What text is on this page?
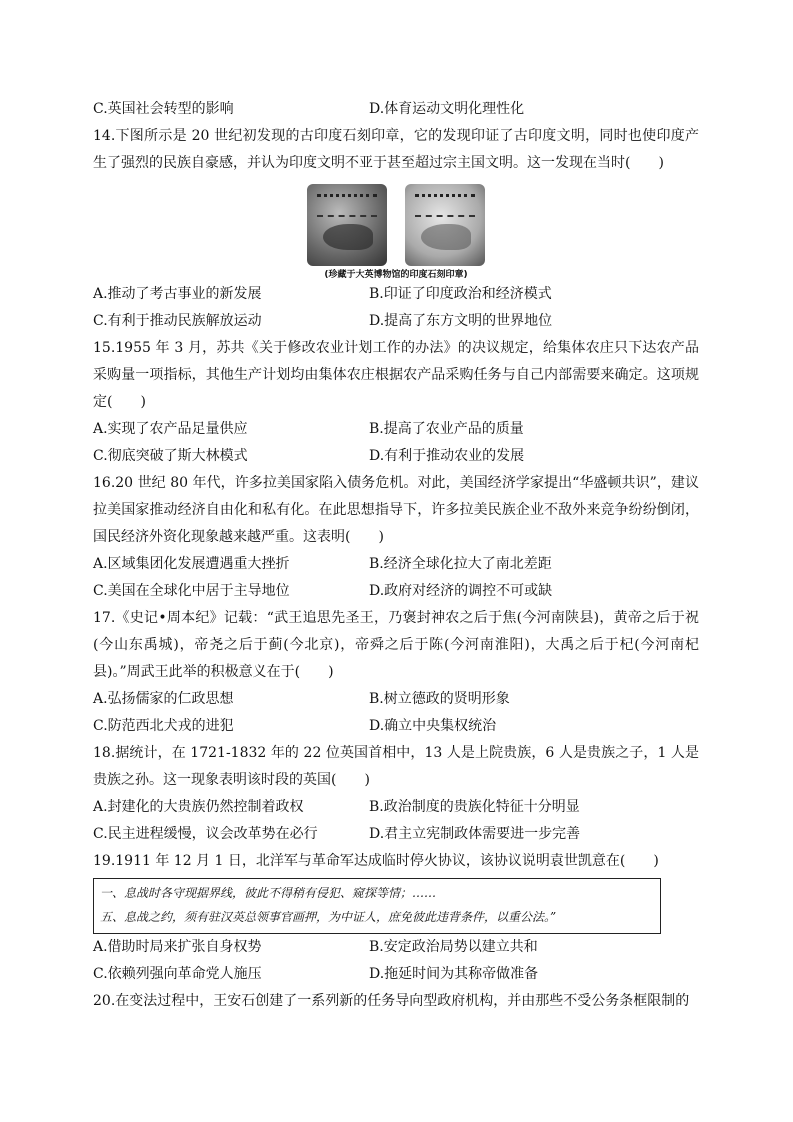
C.英国社会转型的影响	D.体育运动文明化理性化

14.下图所示是 20 世纪初发现的古印度石刻印章，它的发现印证了古印度文明，同时也使印度产生了强烈的民族自豪感，并认为印度文明不亚于甚至超过宗主国文明。这一发现在当时(　　)

(珍藏于大英博物馆的印度石刻印章)
A.推动了考古事业的新发展	B.印证了印度政治和经济模式
C.有利于推动民族解放运动	D.提高了东方文明的世界地位

15.1955 年 3 月，苏共《关于修改农业计划工作的办法》的决议规定，给集体农庄只下达农产品采购量一项指标，其他生产计划均由集体农庄根据农产品采购任务与自己内部需要来确定。这项规定(　　)

A.实现了农产品足量供应	B.提高了农业产品的质量
C.彻底突破了斯大林模式	D.有利于推动农业的发展

16.20 世纪 80 年代，许多拉美国家陷入债务危机。对此，美国经济学家提出“华盛顿共识”，建议拉美国家推动经济自由化和私有化。在此思想指导下，许多拉美民族企业不敌外来竞争纷纷倒闭，国民经济外资化现象越来越严重。这表明(　　)

A.区域集团化发展遭遇重大挫折	B.经济全球化拉大了南北差距
C.美国在全球化中居于主导地位	D.政府对经济的调控不可或缺

17.《史记•周本纪》记载：“武王追思先圣王，乃褒封神农之后于焦(今河南陕县)，黄帝之后于祝(今山东禹城)，帝尧之后于蓟(今北京)，帝舜之后于陈(今河南淮阳)，大禹之后于杞(今河南杞县)。”周武王此举的积极意义在于(　　)

A.弘扬儒家的仁政思想	B.树立德政的贤明形象
C.防范西北犬戎的进犯	D.确立中央集权统治

18.据统计，在 1721-1832 年的 22 位英国首相中，13 人是上院贵族，6 人是贵族之子，1 人是贵族之孙。这一现象表明该时段的英国(　　)

A.封建化的大贵族仍然控制着政权	B.政治制度的贵族化特征十分明显
C.民主进程缓慢，议会改革势在必行	D.君主立宪制政体需要进一步完善

19.1911 年 12 月 1 日，北洋军与革命军达成临时停火协议，该协议说明袁世凯意在(　　)

一、息战时各守现据界线，彼此不得稍有侵犯、窥探等情；……
五、息战之约，须有驻汉英总领事官画押，为中证人，庶免彼此违背条件，以重公法。”
A.借助时局来扩张自身权势	B.安定政治局势以建立共和
C.依赖列强向革命党人施压	D.拖延时间为其称帝做准备

20.在变法过程中，王安石创建了一系列新的任务导向型政府机构，并由那些不受公务条框限制的
